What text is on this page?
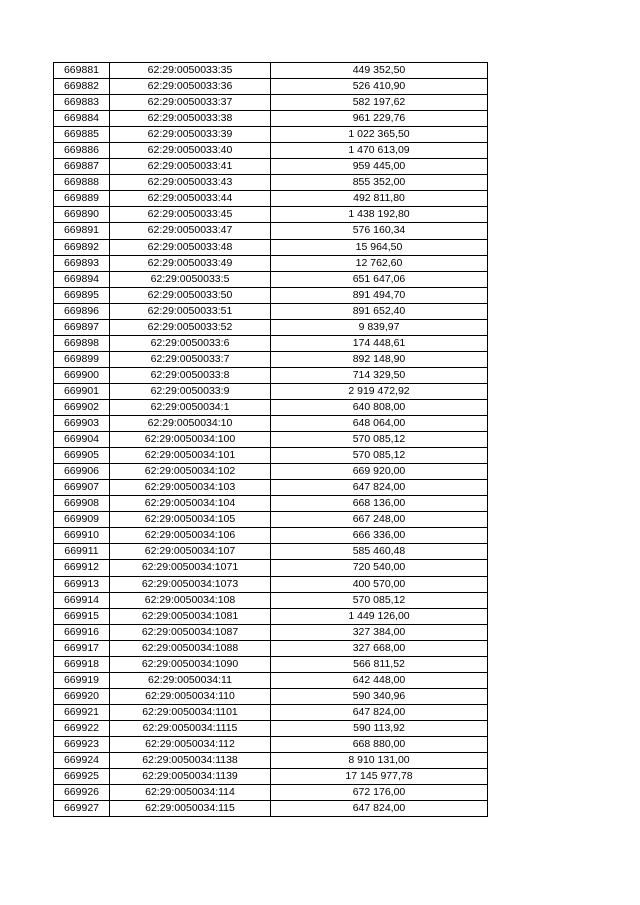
669881	62:29:0050033:35	449 352,50
669882	62:29:0050033:36	526 410,90
669883	62:29:0050033:37	582 197,62
669884	62:29:0050033:38	961 229,76
669885	62:29:0050033:39	1 022 365,50
669886	62:29:0050033:40	1 470 613,09
669887	62:29:0050033:41	959 445,00
669888	62:29:0050033:43	855 352,00
669889	62:29:0050033:44	492 811,80
669890	62:29:0050033:45	1 438 192,80
669891	62:29:0050033:47	576 160,34
669892	62:29:0050033:48	15 964,50
669893	62:29:0050033:49	12 762,60
669894	62:29:0050033:5	651 647,06
669895	62:29:0050033:50	891 494,70
669896	62:29:0050033:51	891 652,40
669897	62:29:0050033:52	9 839,97
669898	62:29:0050033:6	174 448,61
669899	62:29:0050033:7	892 148,90
669900	62:29:0050033:8	714 329,50
669901	62:29:0050033:9	2 919 472,92
669902	62:29:0050034:1	640 808,00
669903	62:29:0050034:10	648 064,00
669904	62:29:0050034:100	570 085,12
669905	62:29:0050034:101	570 085,12
669906	62:29:0050034:102	669 920,00
669907	62:29:0050034:103	647 824,00
669908	62:29:0050034:104	668 136,00
669909	62:29:0050034:105	667 248,00
669910	62:29:0050034:106	666 336,00
669911	62:29:0050034:107	585 460,48
669912	62:29:0050034:1071	720 540,00
669913	62:29:0050034:1073	400 570,00
669914	62:29:0050034:108	570 085,12
669915	62:29:0050034:1081	1 449 126,00
669916	62:29:0050034:1087	327 384,00
669917	62:29:0050034:1088	327 668,00
669918	62:29:0050034:1090	566 811,52
669919	62:29:0050034:11	642 448,00
669920	62:29:0050034:110	590 340,96
669921	62:29:0050034:1101	647 824,00
669922	62:29:0050034:1115	590 113,92
669923	62:29:0050034:112	668 880,00
669924	62:29:0050034:1138	8 910 131,00
669925	62:29:0050034:1139	17 145 977,78
669926	62:29:0050034:114	672 176,00
669927	62:29:0050034:115	647 824,00
